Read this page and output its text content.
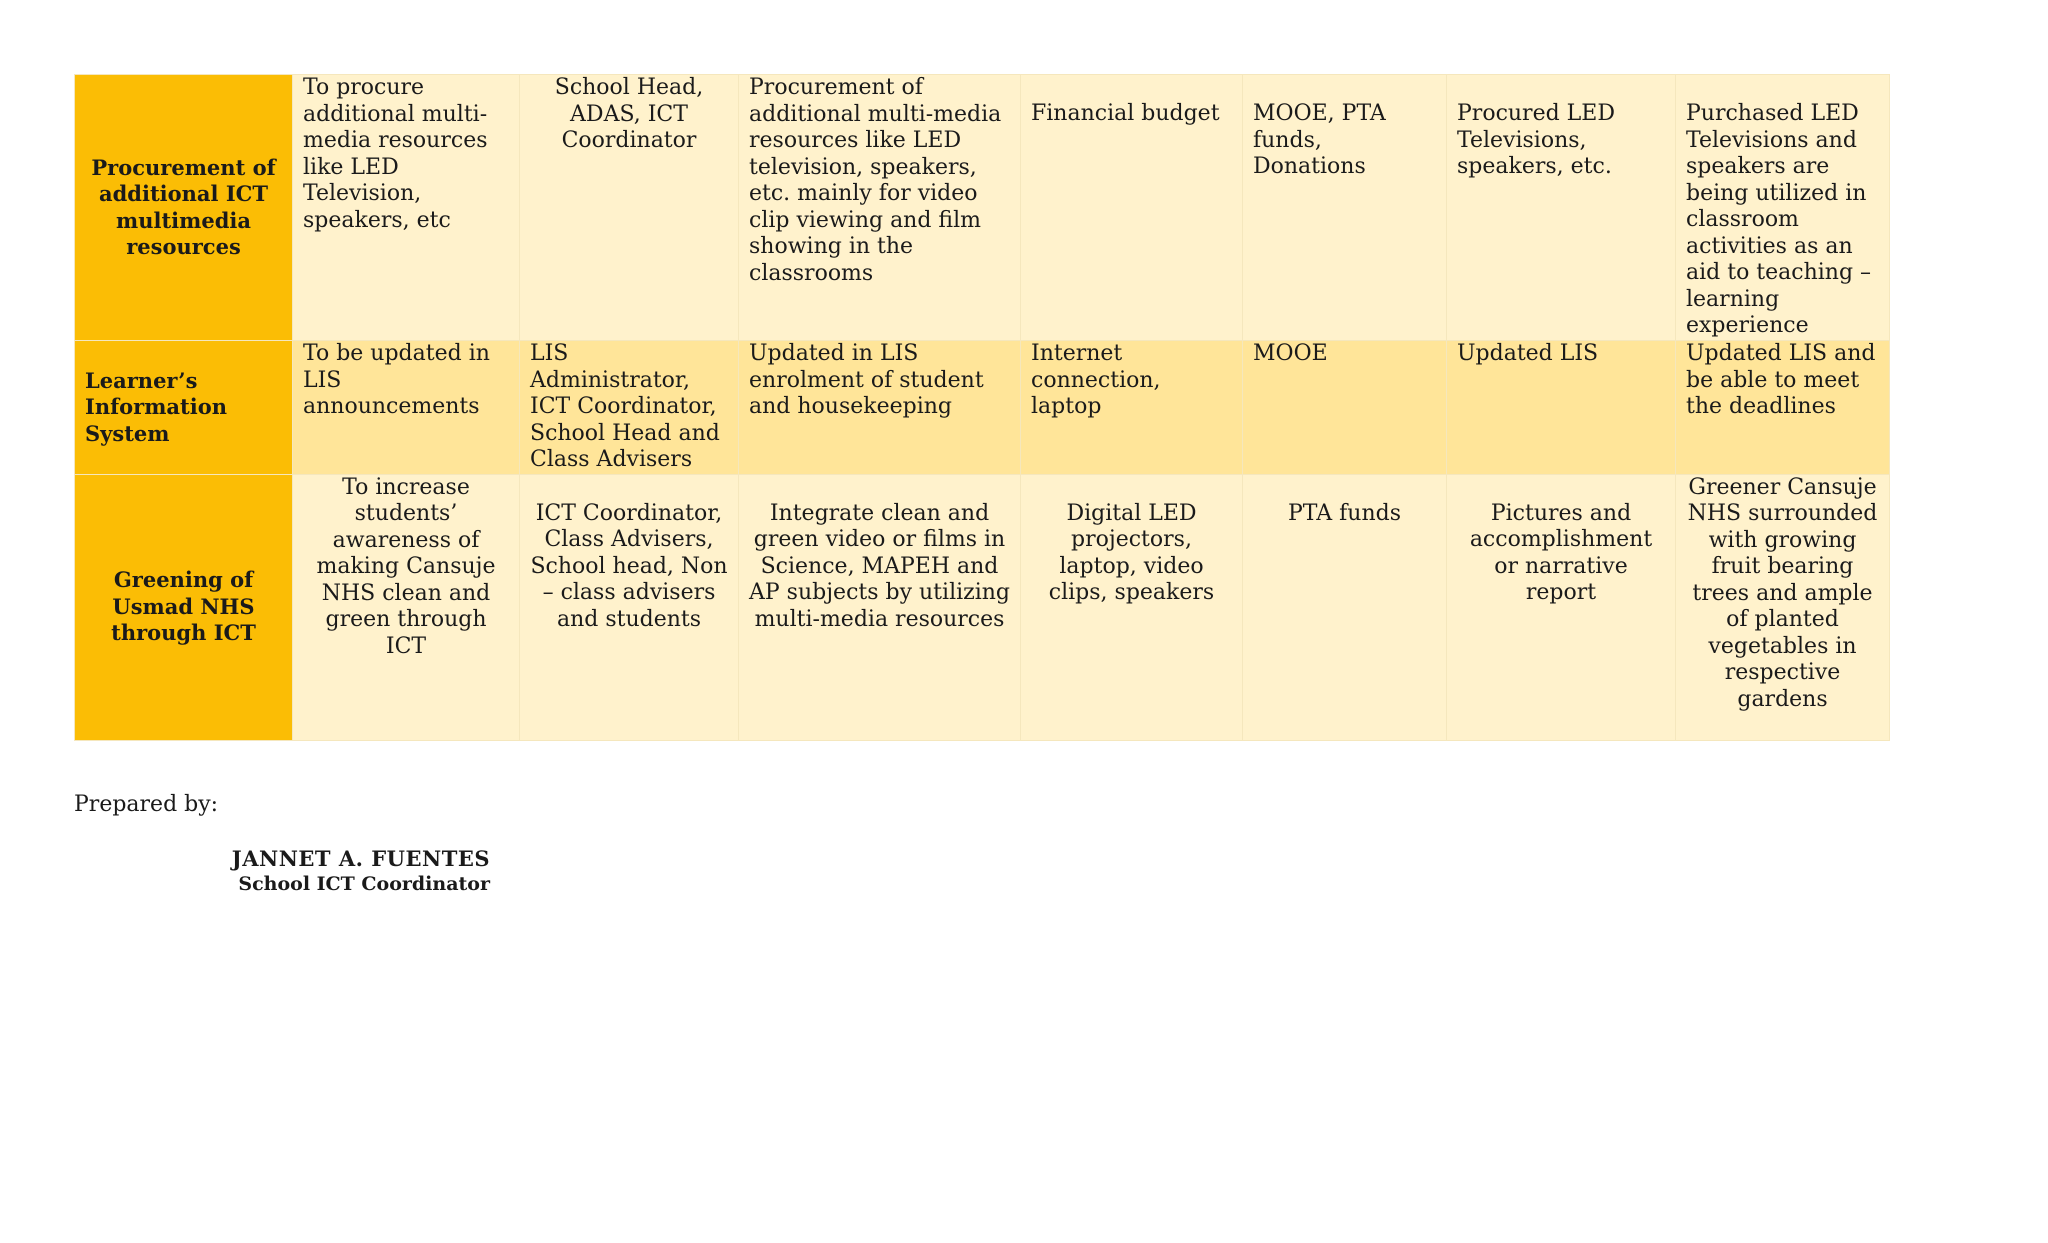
Procurement of additional ICT multimedia resources	To procure additional multi-media resources like LED Television, speakers, etc	School Head, ADAS, ICT Coordinator	Procurement of additional multi-media resources like LED television, speakers, etc. mainly for video clip viewing and film showing in the classrooms	Financial budget	MOOE, PTA funds, Donations	Procured LED Televisions, speakers, etc.	Purchased LED Televisions and speakers are being utilized in classroom activities as an aid to teaching – learning experience
Learner’s Information System	To be updated in LIS announcements	LIS Administrator, ICT Coordinator, School Head and Class Advisers	Updated in LIS enrolment of student and housekeeping	Internet connection, laptop	MOOE	Updated LIS	Updated LIS and be able to meet the deadlines
Greening of Usmad NHS through ICT	To increase students’ awareness of making Cansuje NHS clean and green through ICT	ICT Coordinator, Class Advisers, School head, Non – class advisers and students	Integrate clean and green video or films in Science, MAPEH and AP subjects by utilizing multi-media resources	Digital LED projectors, laptop, video clips, speakers	PTA funds	Pictures and accomplishment or narrative report	Greener Cansuje NHS surrounded with growing fruit bearing trees and ample of planted vegetables in respective gardens
Prepared by:
JANNET A. FUENTES
School ICT Coordinator
